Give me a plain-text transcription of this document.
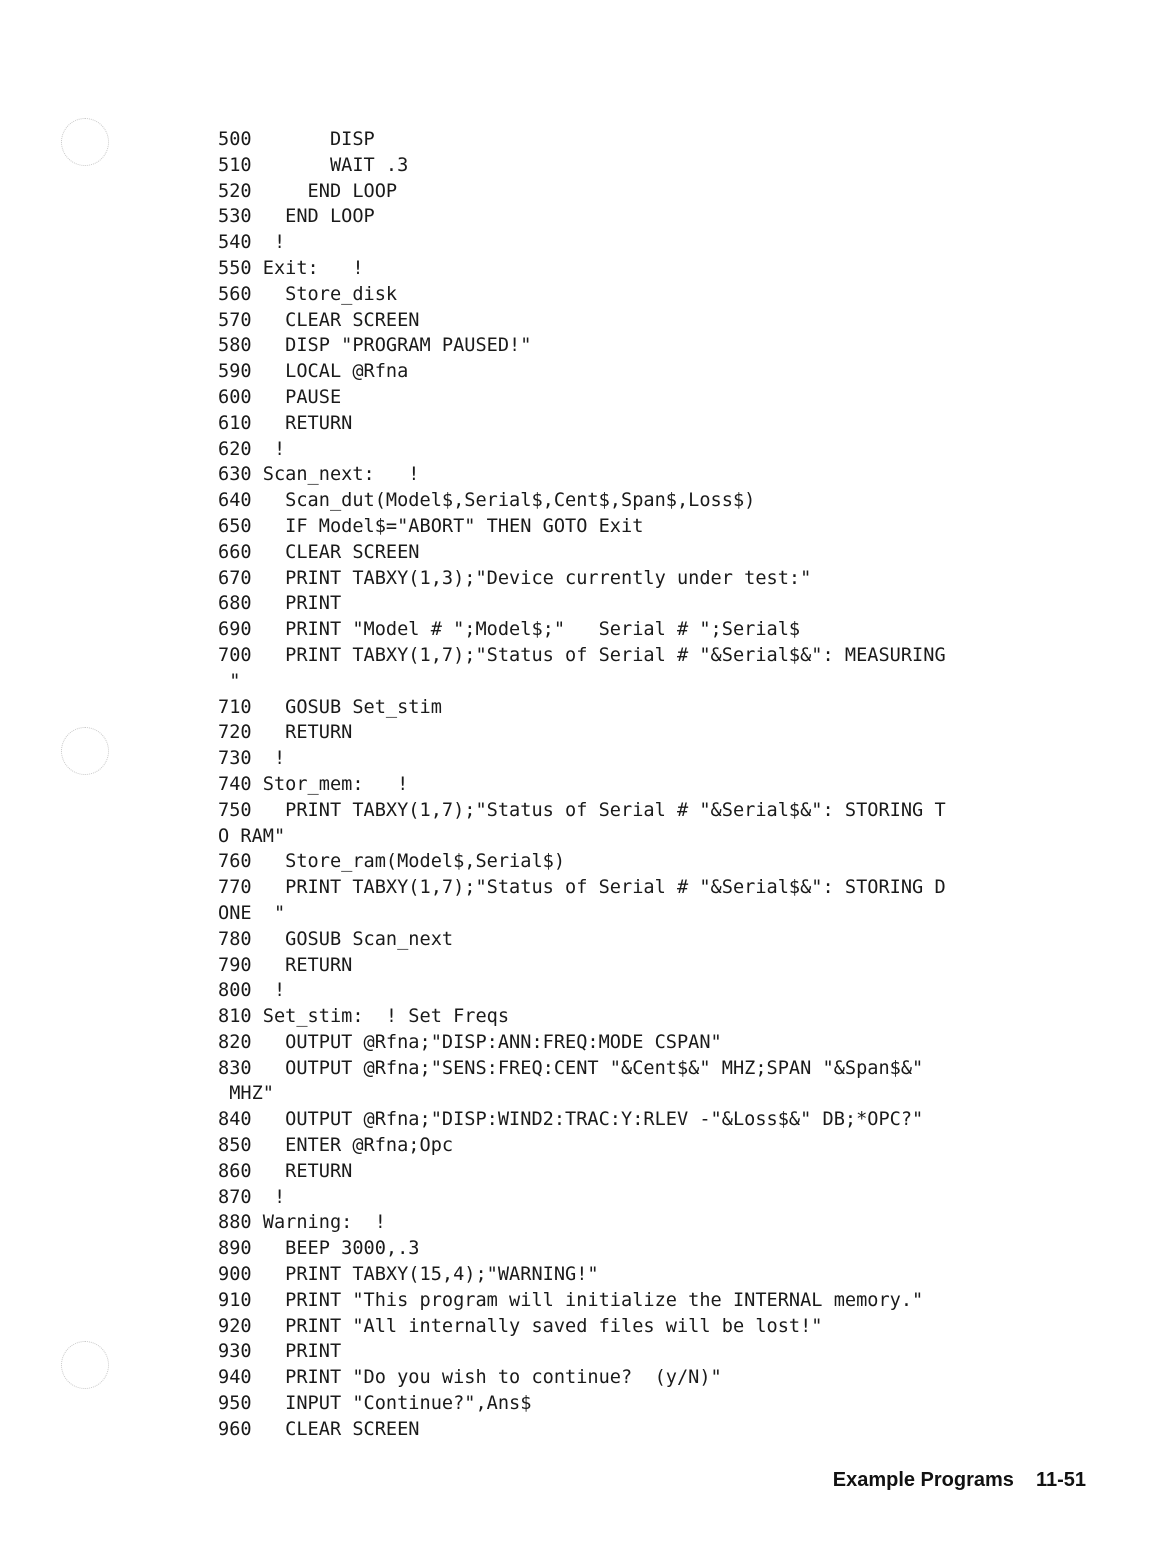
500       DISP
510       WAIT .3
520     END LOOP
530   END LOOP
540  !
550 Exit:   !
560   Store_disk
570   CLEAR SCREEN
580   DISP "PROGRAM PAUSED!"
590   LOCAL @Rfna
600   PAUSE
610   RETURN
620  !
630 Scan_next:   !
640   Scan_dut(Model$,Serial$,Cent$,Span$,Loss$)
650   IF Model$="ABORT" THEN GOTO Exit
660   CLEAR SCREEN
670   PRINT TABXY(1,3);"Device currently under test:"
680   PRINT
690   PRINT "Model # ";Model$;"   Serial # ";Serial$
700   PRINT TABXY(1,7);"Status of Serial # "&Serial$&": MEASURING
"
710   GOSUB Set_stim
720   RETURN
730  !
740 Stor_mem:   !
750   PRINT TABXY(1,7);"Status of Serial # "&Serial$&": STORING T
O RAM"
760   Store_ram(Model$,Serial$)
770   PRINT TABXY(1,7);"Status of Serial # "&Serial$&": STORING D
ONE  "
780   GOSUB Scan_next
790   RETURN
800  !
810 Set_stim:  ! Set Freqs
820   OUTPUT @Rfna;"DISP:ANN:FREQ:MODE CSPAN"
830   OUTPUT @Rfna;"SENS:FREQ:CENT "&Cent$&" MHZ;SPAN "&Span$&"
MHZ"
840   OUTPUT @Rfna;"DISP:WIND2:TRAC:Y:RLEV -"&Loss$&" DB;*OPC?"
850   ENTER @Rfna;Opc
860   RETURN
870  !
880 Warning:  !
890   BEEP 3000,.3
900   PRINT TABXY(15,4);"WARNING!"
910   PRINT "This program will initialize the INTERNAL memory."
920   PRINT "All internally saved files will be lost!"
930   PRINT
940   PRINT "Do you wish to continue?  (y/N)"
950   INPUT "Continue?",Ans$
960   CLEAR SCREEN
Example Programs 11-51
